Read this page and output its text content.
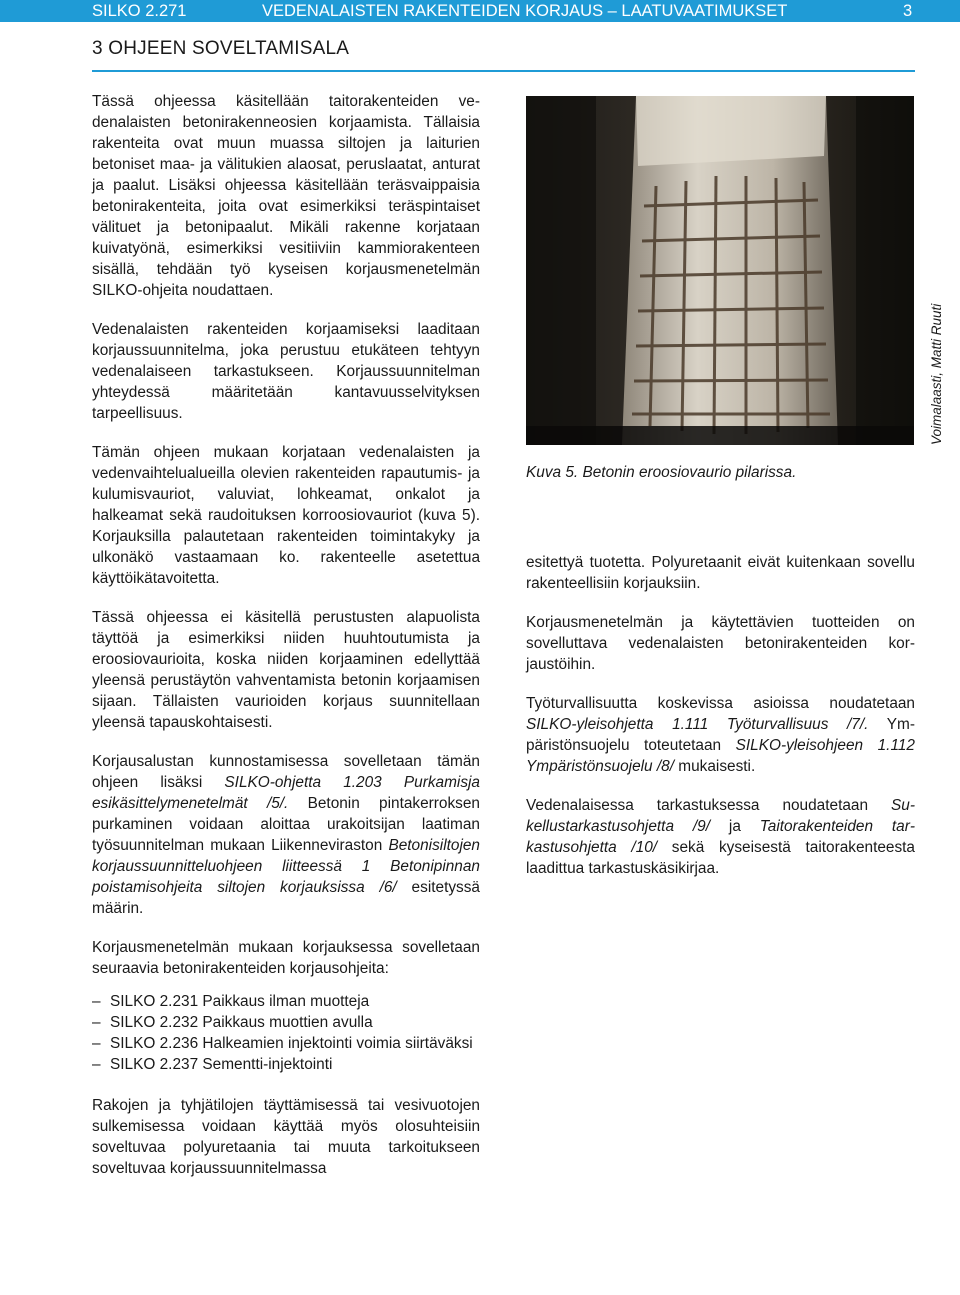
SILKO 2.271	VEDENALAISTEN RAKENTEIDEN KORJAUS – LAATUVAATIMUKSET	3
3 OHJEEN SOVELTAMISALA

Tässä ohjeessa käsitellään taitorakenteiden vedenalaisten betonirakenneosien korjaamista. Tällaisia rakenteita ovat muun muassa siltojen ja laiturien betoniset maa- ja välitukien alaosat, peruslaatat, anturat ja paalut. Lisäksi ohjeessa käsitellään teräsvaippaisia betonirakenteita, joita ovat esimerkiksi teräspintaiset välituet ja betonipaalut. Mikäli rakenne korjataan kuivatyönä, esimerkiksi vesitiiviin kammiorakenteen sisällä, tehdään työ kyseisen korjausmenetelmän SILKO-ohjeita noudattaen.

Vedenalaisten rakenteiden korjaamiseksi laaditaan korjaussuunnitelma, joka perustuu etukäteen tehtyyn vedenalaiseen tarkastukseen. Korjaussuunnitelman yhteydessä määritetään kantavuusselvityksen tarpeellisuus.

Tämän ohjeen mukaan korjataan vedenalaisten ja vedenvaihtelualueilla olevien rakenteiden rapautumis- ja kulumisvauriot, valuviat, lohkeamat, onkalot ja halkeamat sekä raudoituksen korroosiovauriot (kuva 5). Korjauksilla palautetaan rakenteiden toimintakyky ja ulkonäkö vastaamaan ko. rakenteelle asetettua käyttöikätavoitetta.

Tässä ohjeessa ei käsitellä perustusten alapuolista täyttöä ja esimerkiksi niiden huuhtoutumista ja eroosiovaurioita, koska niiden korjaaminen edellyttää yleensä perustäytön vahventamista betonin korjaamisen sijaan. Tällaisten vaurioiden korjaus suunnitellaan yleensä tapauskohtaisesti.

Korjausalustan kunnostamisessa sovelletaan tämän ohjeen lisäksi SILKO-ohjetta 1.203 Purkamisja esikäsittelymenetelmät /5/. Betonin pintakerroksen purkaminen voidaan aloittaa urakoitsijan laatiman työsuunnitelman mukaan Liikenneviraston Betonisiltojen korjaussuunnitteluohjeen liitteessä 1 Betonipinnan poistamisohjeita siltojen korjauksissa /6/ esitetyssä määrin.

Korjausmenetelmän mukaan korjauksessa sovelletaan seuraavia betonirakenteiden korjausohjeita:

– SILKO 2.231 Paikkaus ilman muotteja
– SILKO 2.232 Paikkaus muottien avulla
– SILKO 2.236 Halkeamien injektointi voimia siirtäväksi
– SILKO 2.237 Sementti-injektointi

Rakojen ja tyhjätilojen täyttämisessä tai vesivuotojen sulkemisessa voidaan käyttää myös olosuhteisiin soveltuvaa polyuretaania tai muuta tarkoitukseen soveltuvaa korjaussuunnitelmassa

Kuva 5. Betonin eroosiovaurio pilarissa.
Voimalaasti, Matti Ruuti

esitettyä tuotetta. Polyuretaanit eivät kuitenkaan sovellu rakenteellisiin korjauksiin.

Korjausmenetelmän ja käytettävien tuotteiden on sovelluttava vedenalaisten betonirakenteiden korjaustöihin.

Työturvallisuutta koskevissa asioissa noudatetaan SILKO-yleisohjetta 1.111 Työturvallisuus /7/. Ympäristönsuojelu toteutetaan SILKO-yleisohjeen 1.112 Ympäristönsuojelu /8/ mukaisesti.

Vedenalaisessa tarkastuksessa noudatetaan Sukellustarkastusohjetta /9/ ja Taitorakenteiden tarkastusohjetta /10/ sekä kyseisestä taitorakenteesta laadittua tarkastuskäsikirjaa.
